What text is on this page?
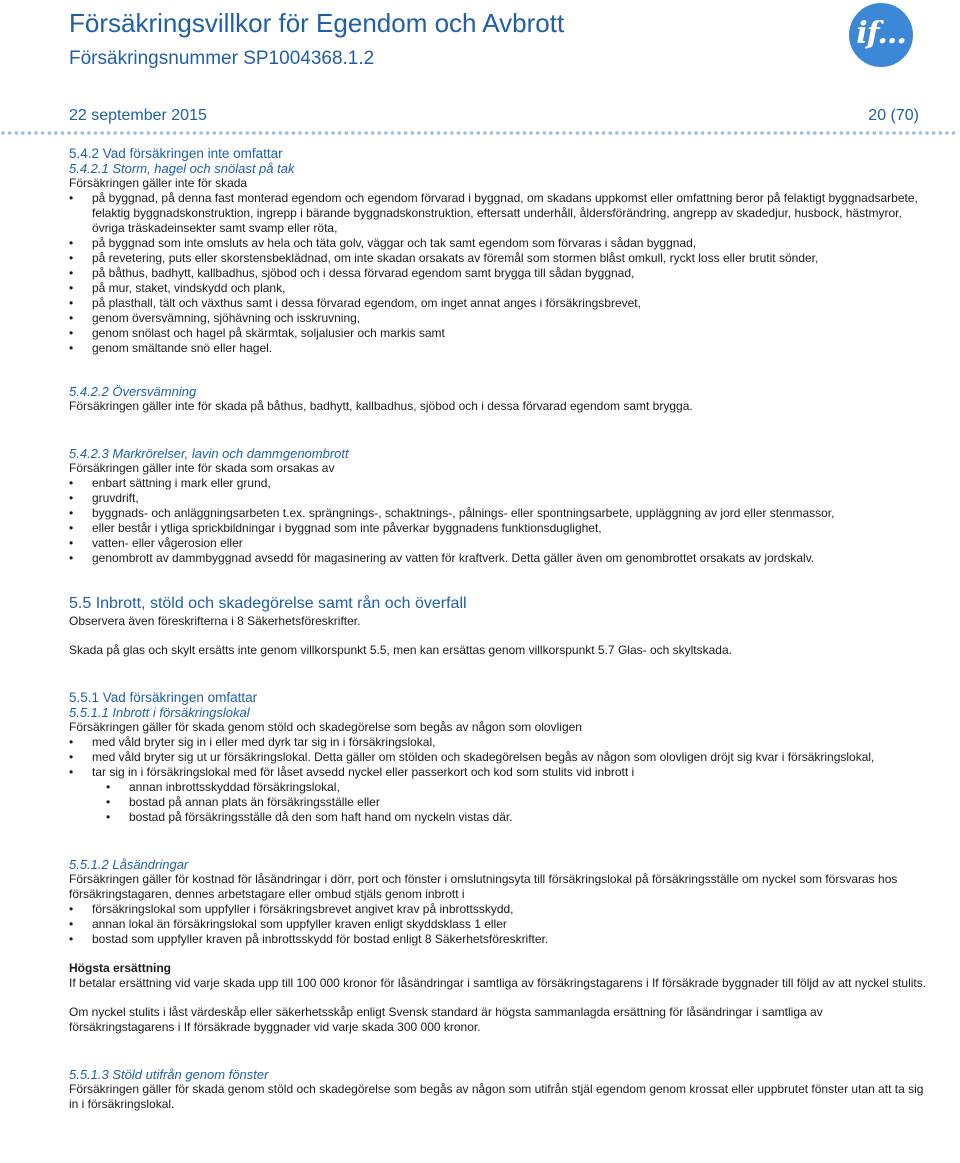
Försäkringsvillkor för Egendom och Avbrott
Försäkringsnummer SP1004368.1.2
22 september 2015	20 (70)
if...

5.4.2 Vad försäkringen inte omfattar

5.4.2.1 Storm, hagel och snölast på tak

Försäkringen gäller inte för skada

• på byggnad, på denna fast monterad egendom och egendom förvarad i byggnad, om skadans uppkomst eller omfattning beror på felaktigt byggnadsarbete, felaktig byggnadskonstruktion, ingrepp i bärande byggnadskonstruktion, eftersatt underhåll, åldersförändring, angrepp av skadedjur, husbock, hästmyror, övriga träskadeinsekter samt svamp eller röta,
• på byggnad som inte omsluts av hela och täta golv, väggar och tak samt egendom som förvaras i sådan byggnad,
• på revetering, puts eller skorstensbeklädnad, om inte skadan orsakats av föremål som stormen blåst omkull, ryckt loss eller brutit sönder,
• på båthus, badhytt, kallbadhus, sjöbod och i dessa förvarad egendom samt brygga till sådan byggnad,
• på mur, staket, vindskydd och plank,
• på plasthall, tält och växthus samt i dessa förvarad egendom, om inget annat anges i försäkringsbrevet,
• genom översvämning, sjöhävning och isskruvning,
• genom snölast och hagel på skärmtak, soljalusier och markis samt
• genom smältande snö eller hagel.

5.4.2.2 Översvämning

Försäkringen gäller inte för skada på båthus, badhytt, kallbadhus, sjöbod och i dessa förvarad egendom samt brygga.

5.4.2.3 Markrörelser, lavin och dammgenombrott

Försäkringen gäller inte för skada som orsakas av

• enbart sättning i mark eller grund,
• gruvdrift,
• byggnads- och anläggningsarbeten t.ex. sprängnings-, schaktnings-, pålnings- eller spontningsarbete, uppläggning av jord eller stenmassor,
• eller består i ytliga sprickbildningar i byggnad som inte påverkar byggnadens funktionsduglighet,
• vatten- eller vågerosion eller
• genombrott av dammbyggnad avsedd för magasinering av vatten för kraftverk. Detta gäller även om genombrottet orsakats av jordskalv.

5.5 Inbrott, stöld och skadegörelse samt rån och överfall

Observera även föreskrifterna i 8 Säkerhetsföreskrifter.

Skada på glas och skylt ersätts inte genom villkorspunkt 5.5, men kan ersättas genom villkorspunkt 5.7 Glas- och skyltskada.

5.5.1 Vad försäkringen omfattar

5.5.1.1 Inbrott i försäkringslokal

Försäkringen gäller för skada genom stöld och skadegörelse som begås av någon som olovligen

• med våld bryter sig in i eller med dyrk tar sig in i försäkringslokal,
• med våld bryter sig ut ur försäkringslokal. Detta gäller om stölden och skadegörelsen begås av någon som olovligen dröjt sig kvar i försäkringslokal,
• tar sig in i försäkringslokal med för låset avsedd nyckel eller passerkort och kod som stulits vid inbrott i
• annan inbrottsskyddad försäkringslokal,
• bostad på annan plats än försäkringsställe eller
• bostad på försäkringsställe då den som haft hand om nyckeln vistas där.

5.5.1.2 Låsändringar

Försäkringen gäller för kostnad för låsändringar i dörr, port och fönster i omslutningsyta till försäkringslokal på försäkringsställe om nyckel som försvaras hos försäkringstagaren, dennes arbetstagare eller ombud stjäls genom inbrott i

• försäkringslokal som uppfyller i försäkringsbrevet angivet krav på inbrottsskydd,
• annan lokal än försäkringslokal som uppfyller kraven enligt skyddsklass 1 eller
• bostad som uppfyller kraven på inbrottsskydd för bostad enligt 8 Säkerhetsföreskrifter.

Högsta ersättning

If betalar ersättning vid varje skada upp till 100 000 kronor för låsändringar i samtliga av försäkringstagarens i If försäkrade byggnader till följd av att nyckel stulits.

Om nyckel stulits i låst värdeskåp eller säkerhetsskåp enligt Svensk standard är högsta sammanlagda ersättning för låsändringar i samtliga av försäkringstagarens i If försäkrade byggnader vid varje skada 300 000 kronor.

5.5.1.3 Stöld utifrån genom fönster

Försäkringen gäller för skada genom stöld och skadegörelse som begås av någon som utifrån stjäl egendom genom krossat eller uppbrutet fönster utan att ta sig in i försäkringslokal.
